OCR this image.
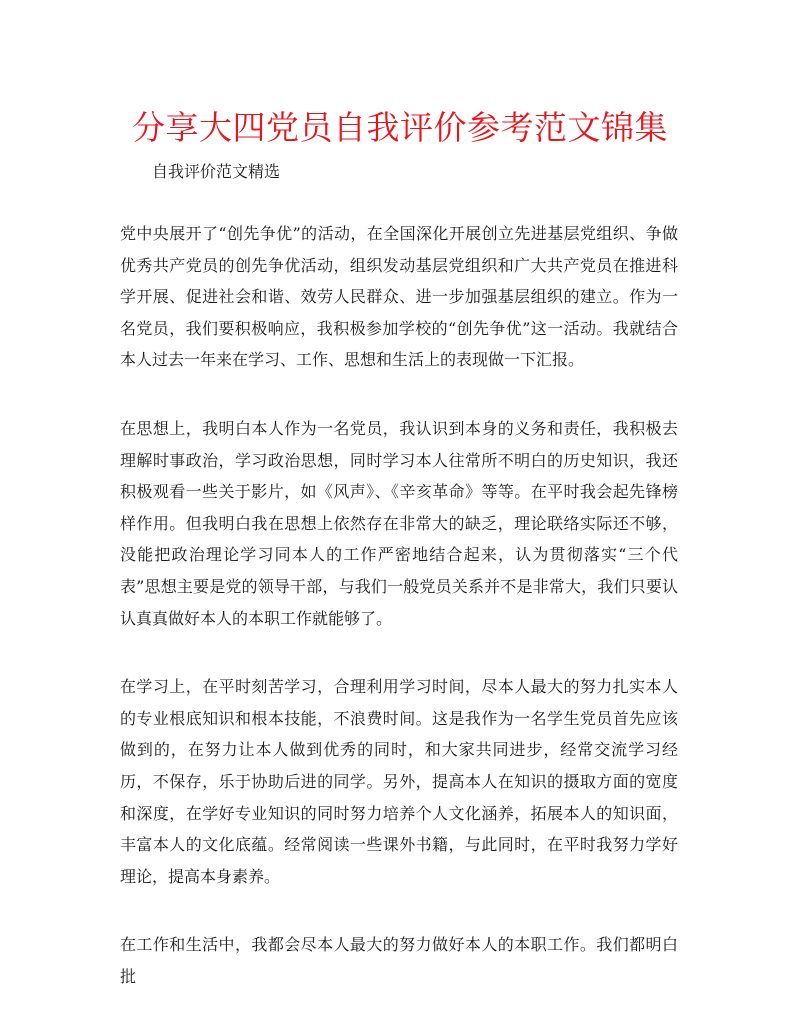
分享大四党员自我评价参考范文锦集

自我评价范文精选

党中央展开了“创先争优”的活动，在全国深化开展创立先进基层党组织、争做优秀共产党员的创先争优活动，组织发动基层党组织和广大共产党员在推进科学开展、促进社会和谐、效劳人民群众、进一步加强基层组织的建立。作为一名党员，我们要积极响应，我积极参加学校的“创先争优”这一活动。我就结合本人过去一年来在学习、工作、思想和生活上的表现做一下汇报。

在思想上，我明白本人作为一名党员，我认识到本身的义务和责任，我积极去理解时事政治，学习政治思想，同时学习本人往常所不明白的历史知识，我还积极观看一些关于影片，如《风声》、《辛亥革命》等等。在平时我会起先锋榜样作用。但我明白我在思想上依然存在非常大的缺乏，理论联络实际还不够，没能把政治理论学习同本人的工作严密地结合起来，认为贯彻落实“三个代表”思想主要是党的领导干部，与我们一般党员关系并不是非常大，我们只要认认真真做好本人的本职工作就能够了。

在学习上，在平时刻苦学习，合理利用学习时间，尽本人最大的努力扎实本人的专业根底知识和根本技能，不浪费时间。这是我作为一名学生党员首先应该做到的，在努力让本人做到优秀的同时，和大家共同进步，经常交流学习经历，不保存，乐于协助后进的同学。另外，提高本人在知识的摄取方面的宽度和深度，在学好专业知识的同时努力培养个人文化涵养，拓展本人的知识面，丰富本人的文化底蕴。经常阅读一些课外书籍，与此同时，在平时我努力学好理论，提高本身素养。

在工作和生活中，我都会尽本人最大的努力做好本人的本职工作。我们都明白批
